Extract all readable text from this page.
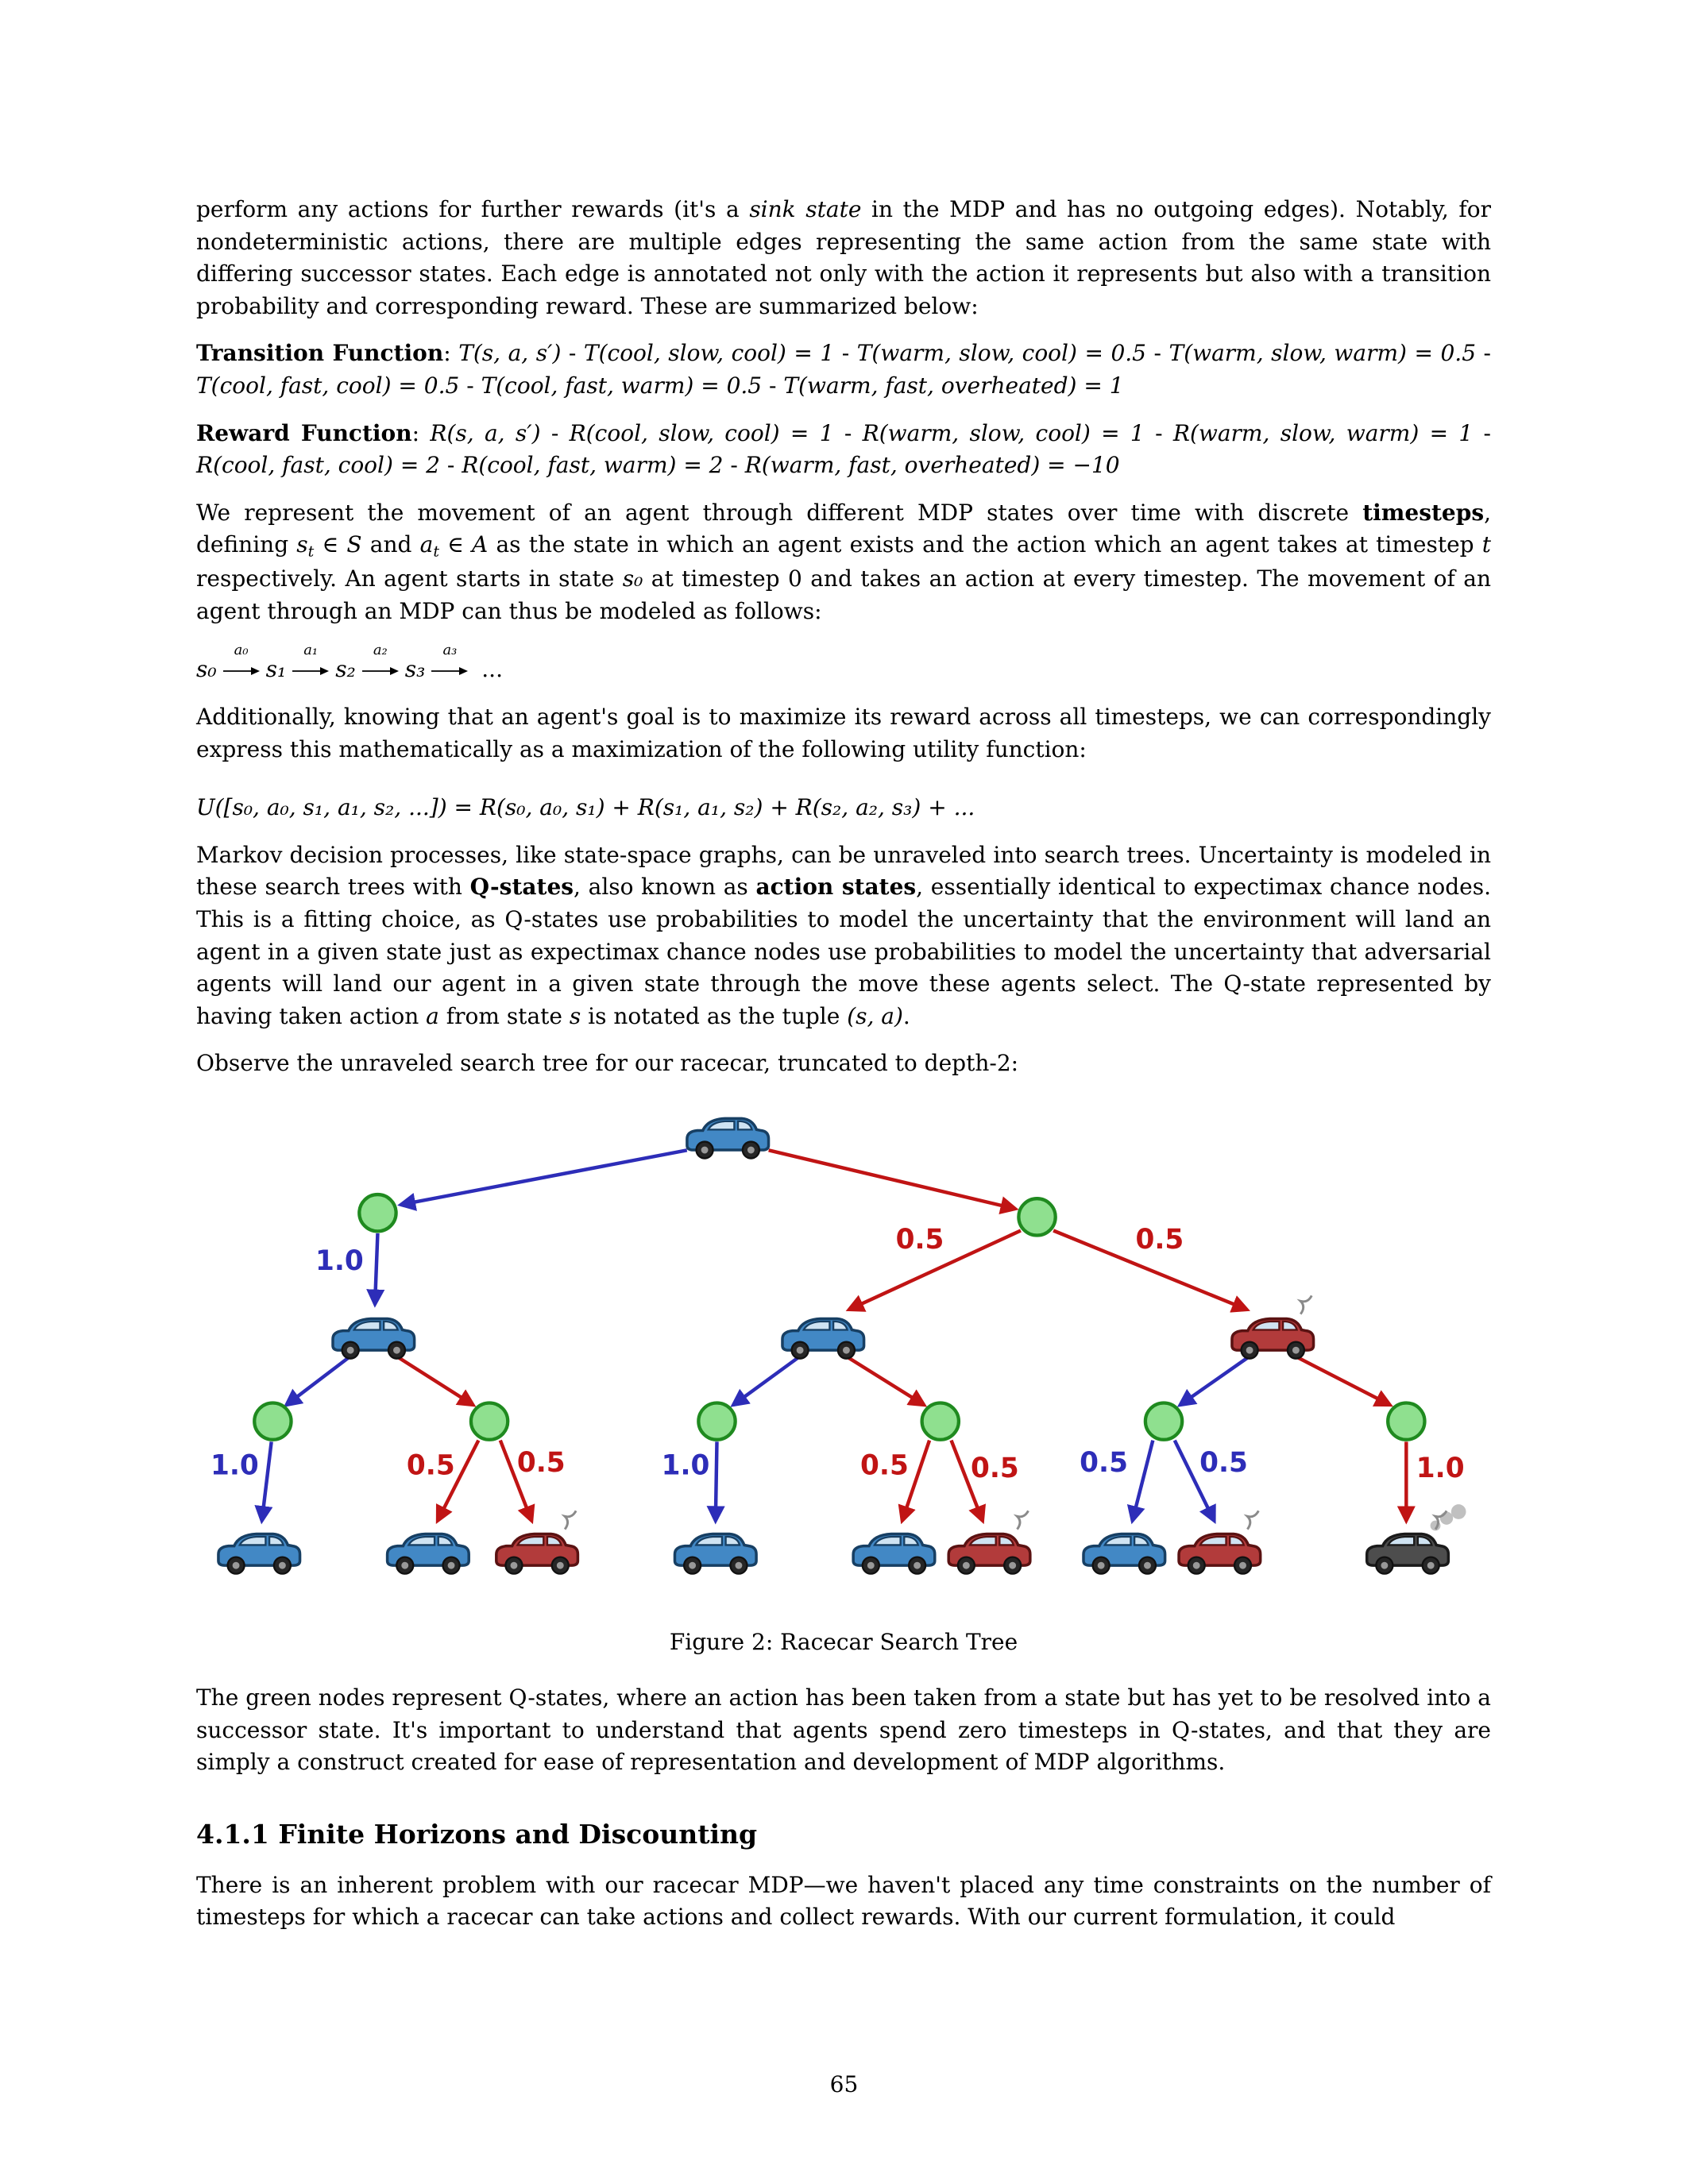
perform any actions for further rewards (it's a sink state in the MDP and has no outgoing edges). Notably, for nondeterministic actions, there are multiple edges representing the same action from the same state with differing successor states. Each edge is annotated not only with the action it represents but also with a transition probability and corresponding reward. These are summarized below:

Transition Function: T(s, a, s′) - T(cool, slow, cool) = 1 - T(warm, slow, cool) = 0.5 - T(warm, slow, warm) = 0.5 - T(cool, fast, cool) = 0.5 - T(cool, fast, warm) = 0.5 - T(warm, fast, overheated) = 1

Reward Function: R(s, a, s′) - R(cool, slow, cool) = 1 - R(warm, slow, cool) = 1 - R(warm, slow, warm) = 1 - R(cool, fast, cool) = 2 - R(cool, fast, warm) = 2 - R(warm, fast, overheated) = −10

We represent the movement of an agent through different MDP states over time with discrete timesteps, defining st ∈ S and at ∈ A as the state in which an agent exists and the action which an agent takes at timestep t respectively. An agent starts in state s₀ at timestep 0 and takes an action at every timestep. The movement of an agent through an MDP can thus be modeled as follows:

s₀
a₀
s₁
a₁
s₂
a₂
s₃
a₃
...

Additionally, knowing that an agent's goal is to maximize its reward across all timesteps, we can correspondingly express this mathematically as a maximization of the following utility function:

U([s₀, a₀, s₁, a₁, s₂, ...]) = R(s₀, a₀, s₁) + R(s₁, a₁, s₂) + R(s₂, a₂, s₃) + ...

Markov decision processes, like state-space graphs, can be unraveled into search trees. Uncertainty is modeled in these search trees with Q-states, also known as action states, essentially identical to expectimax chance nodes. This is a fitting choice, as Q-states use probabilities to model the uncertainty that the environment will land an agent in a given state just as expectimax chance nodes use probabilities to model the uncertainty that adversarial agents will land our agent in a given state through the move these agents select. The Q-state represented by having taken action a from state s is notated as the tuple (s, a).

Observe the unraveled search tree for our racecar, truncated to depth-2:

1.0
0.5	0.5
1.0	0.5	0.5	1.0	0.5	0.5	0.5	0.5	1.0

Figure 2: Racecar Search Tree

The green nodes represent Q-states, where an action has been taken from a state but has yet to be resolved into a successor state. It's important to understand that agents spend zero timesteps in Q-states, and that they are simply a construct created for ease of representation and development of MDP algorithms.

4.1.1 Finite Horizons and Discounting

There is an inherent problem with our racecar MDP—we haven't placed any time constraints on the number of timesteps for which a racecar can take actions and collect rewards. With our current formulation, it could

65
